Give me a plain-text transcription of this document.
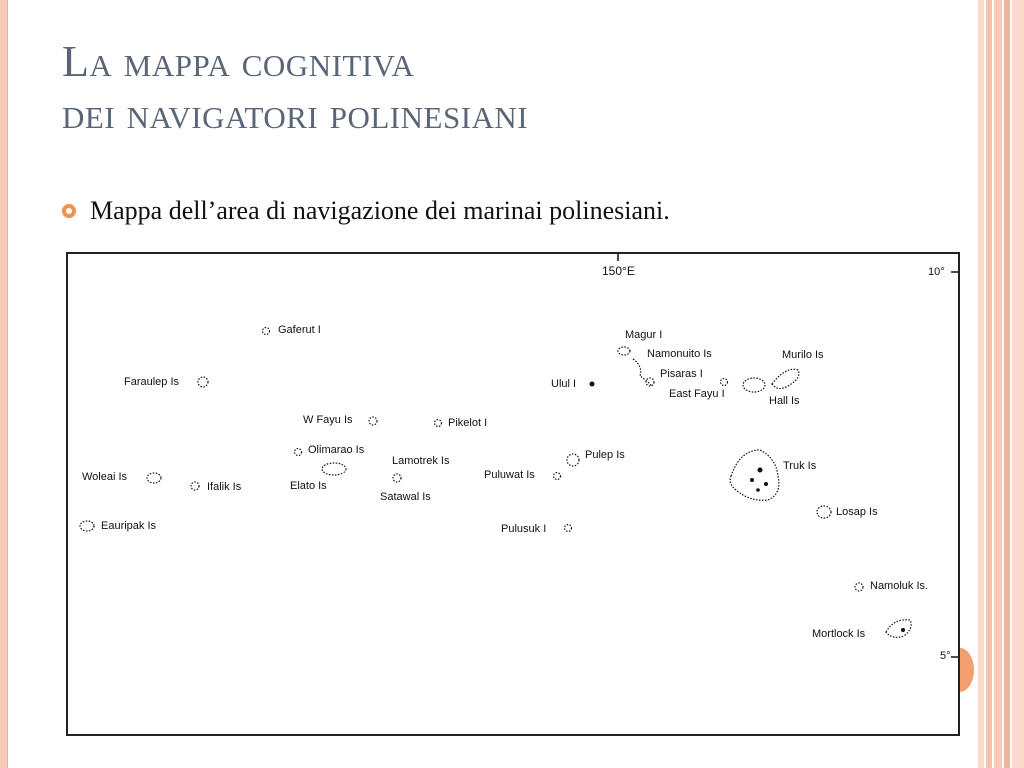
La mappa cognitiva
dei navigatori polinesiani
Mappa dell’area di navigazione dei marinai polinesiani.
150°E	10°
5°
Gaferut I
Faraulep Is
W Fayu Is	Pikelot I
Olimarao Is
Elato Is
Lamotrek Is
Satawal Is
Woleai Is
Ifalik Is
Eauripak Is
Puluwat Is
Pulusuk I
Pulep Is
Ulul I
Magur I
Namonuito Is
Pisaras I
East Fayu I
Murilo Is
Hall Is
Truk Is
Losap Is
Namoluk Is.
Mortlock Is
